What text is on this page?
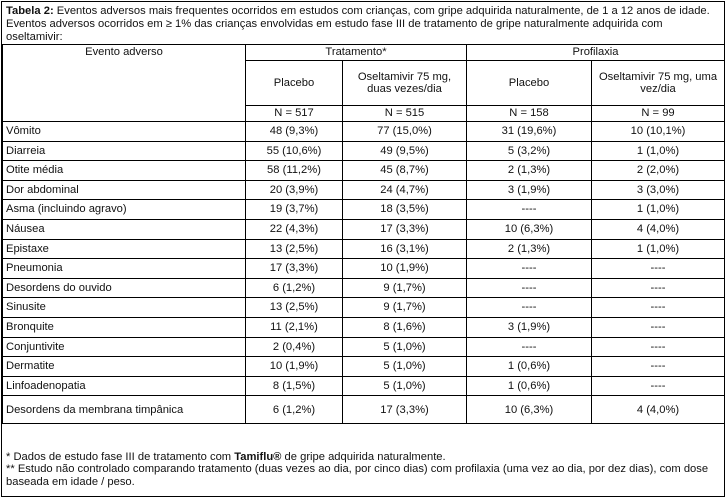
Tabela 2: Eventos adversos mais frequentes ocorridos em estudos com crianças, com gripe adquirida naturalmente, de 1 a 12 anos de idade. Eventos adversos ocorridos em ≥ 1% das crianças envolvidas em estudo fase III de tratamento de gripe naturalmente adquirida com oseltamivir:
Evento adverso	Tratamento*		Profilaxia	
	Placebo	Oseltamivir 75 mg, duas vezes/dia	Placebo	Oseltamivir 75 mg, uma vez/dia
	N = 517	N = 515	N = 158	N = 99
Vômito	48 (9,3%)	77 (15,0%)	31 (19,6%)	10 (10,1%)
Diarreia	55 (10,6%)	49 (9,5%)	5 (3,2%)	1 (1,0%)
Otite média	58 (11,2%)	45 (8,7%)	2 (1,3%)	2 (2,0%)
Dor abdominal	20 (3,9%)	24 (4,7%)	3 (1,9%)	3 (3,0%)
Asma (incluindo agravo)	19 (3,7%)	18 (3,5%)	----	1 (1,0%)
Náusea	22 (4,3%)	17 (3,3%)	10 (6,3%)	4 (4,0%)
Epistaxe	13 (2,5%)	16 (3,1%)	2 (1,3%)	1 (1,0%)
Pneumonia	17 (3,3%)	10 (1,9%)	----	----
Desordens do ouvido	6 (1,2%)	9 (1,7%)	----	----
Sinusite	13 (2,5%)	9 (1,7%)	----	----
Bronquite	11 (2,1%)	8 (1,6%)	3 (1,9%)	----
Conjuntivite	2 (0,4%)	5 (1,0%)	----	----
Dermatite	10 (1,9%)	5 (1,0%)	1 (0,6%)	----
Linfoadenopatia	8 (1,5%)	5 (1,0%)	1 (0,6%)	----
Desordens da membrana timpânica	6 (1,2%)	17 (3,3%)	10 (6,3%)	4 (4,0%)
* Dados de estudo fase III de tratamento com Tamiflu® de gripe adquirida naturalmente.
** Estudo não controlado comparando tratamento (duas vezes ao dia, por cinco dias) com profilaxia (uma vez ao dia, por dez dias), com dose baseada em idade / peso.
